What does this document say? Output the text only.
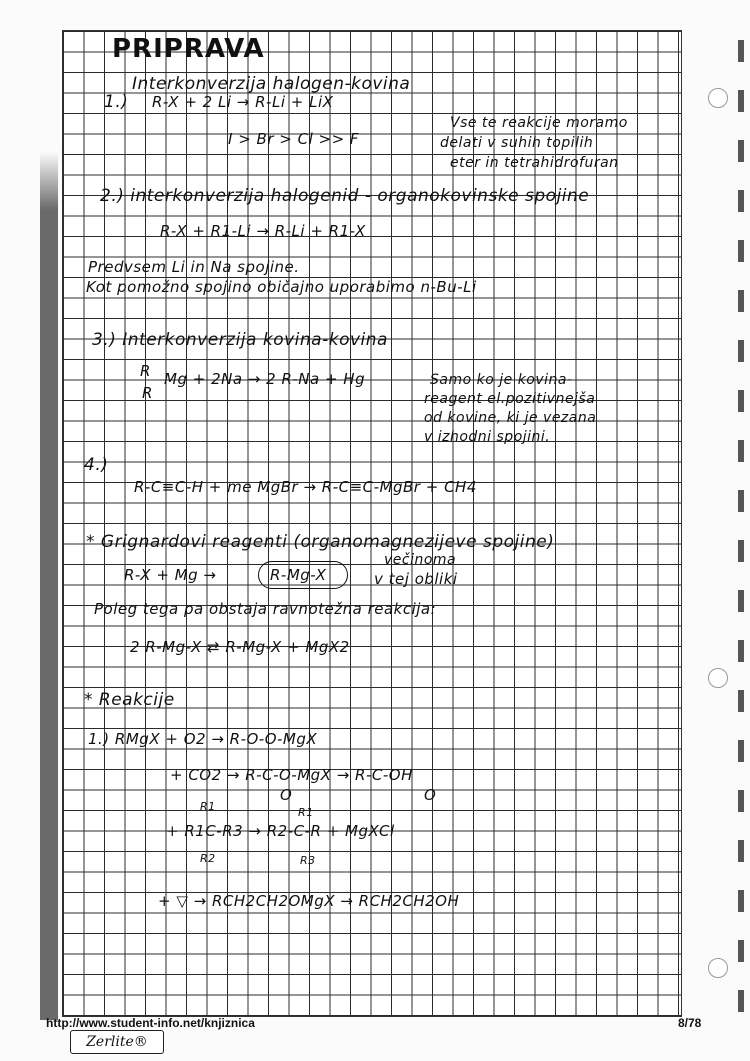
PRIPRAVA
Interkonverzija halogen-kovina
1.) R-X + 2 Li → R-Li + LiX
I > Br > Cl >> F
Vse te reakcije moramo
delati v suhih topilih
eter in tetrahidrofuran
2.) interkonverzija halogenid - organokovinske spojine
R-X + R1-Li → R-Li + R1-X
Predvsem Li in Na spojine.
Kot pomožno spojino običajno uporabimo n-Bu-Li
3.) Interkonverzija kovina-kovina
R
R
Mg + 2Na → 2 R-Na + Hg	Samo ko je kovina-
reagent el.pozitivnejša
od kovine, ki je vezana
v izhodni spojini.
4.)
R-C≡C-H + me MgBr → R-C≡C-MgBr + CH4
* Grignardovi reagenti (organomagnezijeve spojine)
večinoma
R-X + Mg →	R-Mg-X	v tej obliki
Poleg tega pa obstaja ravnotežna reakcija:
2 R-Mg-X ⇄ R-Mg-X + MgX2
* Reakcije
1.) RMgX + O2 → R-O-O-MgX
+ CO2 → R-C-O-MgX → R-C-OH
O	O
R1	R1
+ R1C-R3 → R2-C-R + MgXCl
R2	R3
+ ▽ → RCH2CH2OMgX → RCH2CH2OH
http://www.student-info.net/knjiznica	8/78
Zerlite®
